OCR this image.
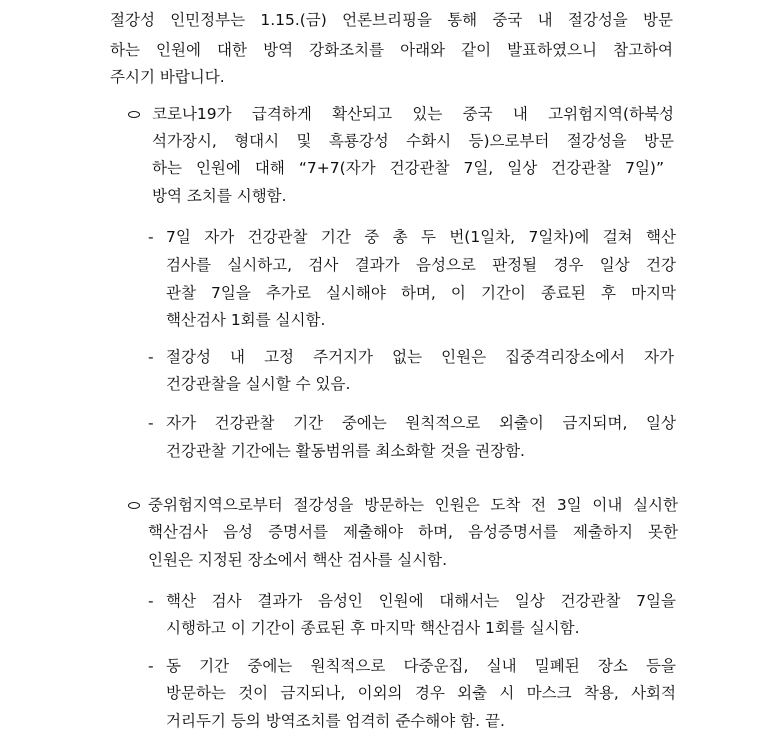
절강성 인민정부는 1.15.(금) 언론브리핑을 통해 중국 내 절강성을 방문
하는 인원에 대한 방역 강화조치를 아래와 같이 발표하였으니 참고하여
주시기 바랍니다.
코로나19가 급격하게 확산되고 있는 중국 내 고위험지역(하북성
석가장시, 형대시 및 흑룡강성 수화시 등)으로부터 절강성을 방문
하는 인원에 대해 “7+7(자가 건강관찰 7일, 일상 건강관찰 7일)”
방역 조치를 시행함.
- 7일 자가 건강관찰 기간 중 총 두 번(1일차, 7일차)에 걸쳐 핵산
검사를 실시하고, 검사 결과가 음성으로 판정될 경우 일상 건강
관찰 7일을 추가로 실시해야 하며, 이 기간이 종료된 후 마지막
핵산검사 1회를 실시함.
- 절강성 내 고정 주거지가 없는 인원은 집중격리장소에서 자가
건강관찰을 실시할 수 있음.
- 자가 건강관찰 기간 중에는 원칙적으로 외출이 금지되며, 일상
건강관찰 기간에는 활동범위를 최소화할 것을 권장함.
중위험지역으로부터 절강성을 방문하는 인원은 도착 전 3일 이내 실시한
핵산검사 음성 증명서를 제출해야 하며, 음성증명서를 제출하지 못한
인원은 지정된 장소에서 핵산 검사를 실시함.
- 핵산 검사 결과가 음성인 인원에 대해서는 일상 건강관찰 7일을
시행하고 이 기간이 종료된 후 마지막 핵산검사 1회를 실시함.
- 동 기간 중에는 원칙적으로 다중운집, 실내 밀폐된 장소 등을
방문하는 것이 금지되나, 이외의 경우 외출 시 마스크 착용, 사회적
거리두기 등의 방역조치를 엄격히 준수해야 함. 끝.
